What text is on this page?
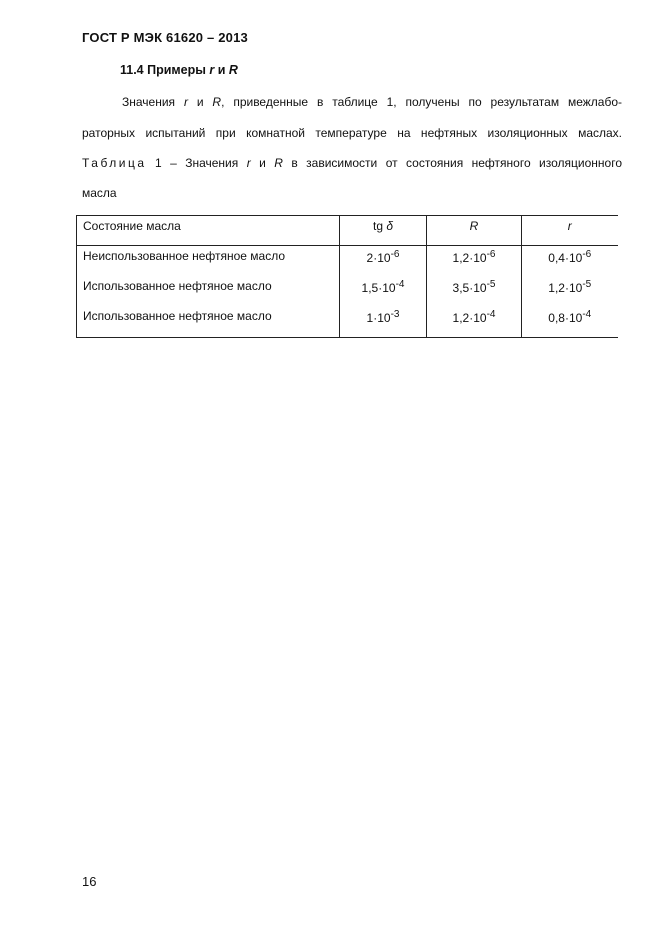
ГОСТ Р МЭК 61620 – 2013
11.4 Примеры r и R
Значения r и R, приведенные в таблице 1, получены по результатам межлабо-
раторных испытаний при комнатной температуре на нефтяных изоляционных маслах.
Таблица 1 – Значения r и R в зависимости от состояния нефтяного изоляционного
масла
Состояние масла	tg δ	R	r
Неиспользованное нефтяное масло	$2\cdot 10^{-6}$	$1,2\cdot 10^{-6}$	$0,4\cdot 10^{-6}$
Использованное нефтяное масло	$1,5\cdot 10^{-4}$	$3,5\cdot 10^{-5}$	$1,2\cdot 10^{-5}$
Использованное нефтяное масло	$1\cdot 10^{-3}$	$1,2\cdot 10^{-4}$	$0,8\cdot 10^{-4}$
16
